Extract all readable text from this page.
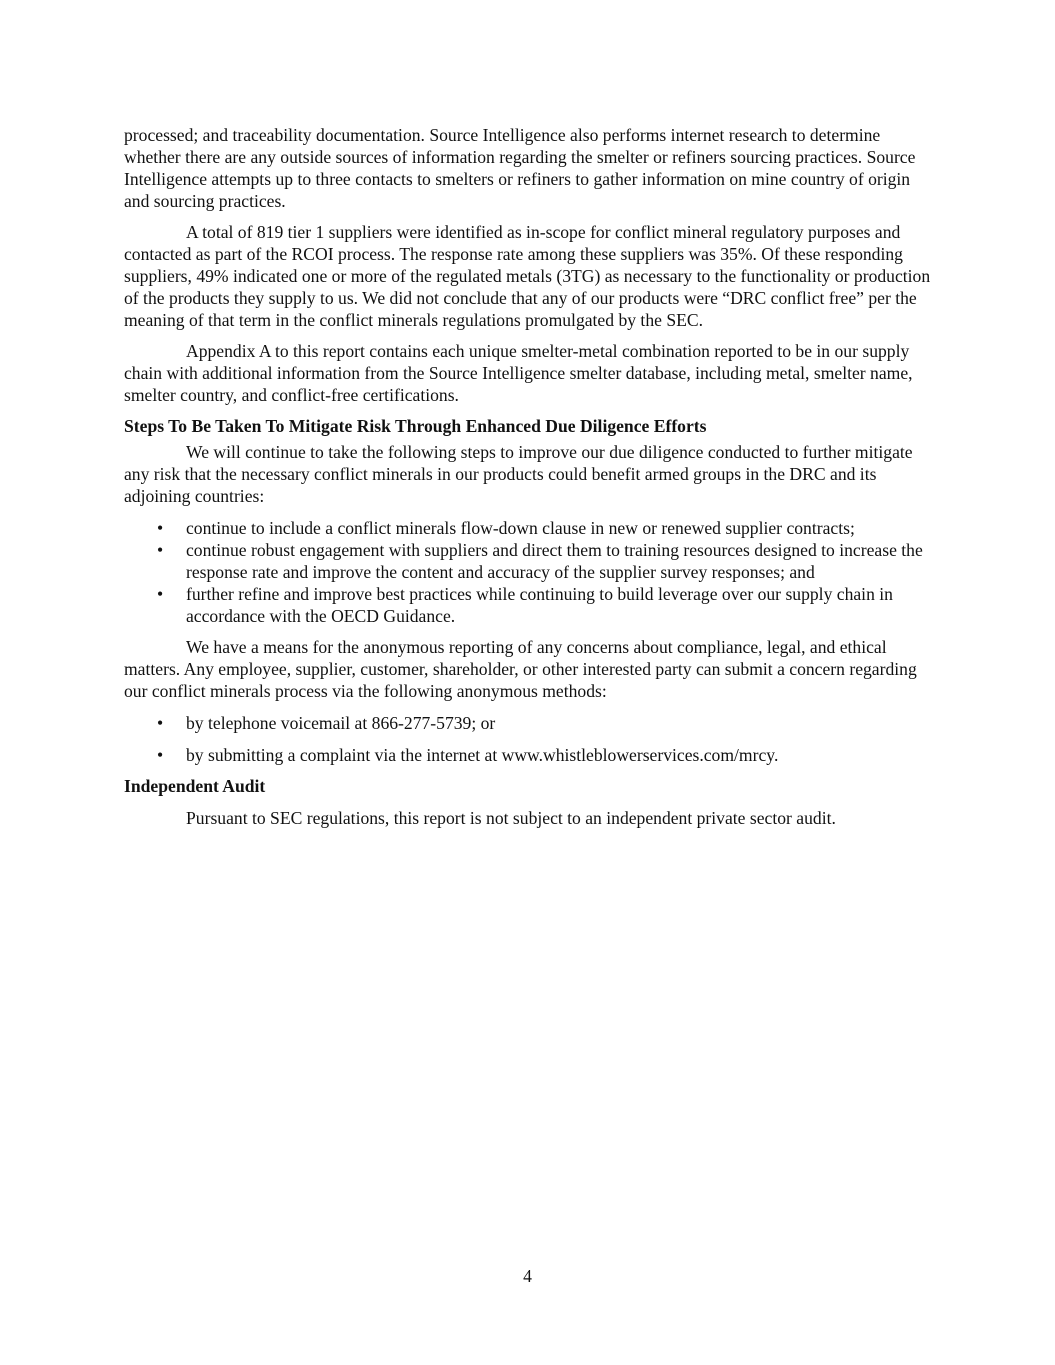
processed; and traceability documentation. Source Intelligence also performs internet research to determine whether there are any outside sources of information regarding the smelter or refiners sourcing practices. Source Intelligence attempts up to three contacts to smelters or refiners to gather information on mine country of origin and sourcing practices.

A total of 819 tier 1 suppliers were identified as in-scope for conflict mineral regulatory purposes and contacted as part of the RCOI process. The response rate among these suppliers was 35%. Of these responding suppliers, 49% indicated one or more of the regulated metals (3TG) as necessary to the functionality or production of the products they supply to us. We did not conclude that any of our products were “DRC conflict free” per the meaning of that term in the conflict minerals regulations promulgated by the SEC.

Appendix A to this report contains each unique smelter-metal combination reported to be in our supply chain with additional information from the Source Intelligence smelter database, including metal, smelter name, smelter country, and conflict-free certifications.

Steps To Be Taken To Mitigate Risk Through Enhanced Due Diligence Efforts

We will continue to take the following steps to improve our due diligence conducted to further mitigate any risk that the necessary conflict minerals in our products could benefit armed groups in the DRC and its adjoining countries:

• continue to include a conflict minerals flow-down clause in new or renewed supplier contracts;
• continue robust engagement with suppliers and direct them to training resources designed to increase the response rate and improve the content and accuracy of the supplier survey responses; and
• further refine and improve best practices while continuing to build leverage over our supply chain in accordance with the OECD Guidance.

We have a means for the anonymous reporting of any concerns about compliance, legal, and ethical matters. Any employee, supplier, customer, shareholder, or other interested party can submit a concern regarding our conflict minerals process via the following anonymous methods:

• by telephone voicemail at 866-277-5739; or
• by submitting a complaint via the internet at www.whistleblowerservices.com/mrcy.

Independent Audit

Pursuant to SEC regulations, this report is not subject to an independent private sector audit.

4
